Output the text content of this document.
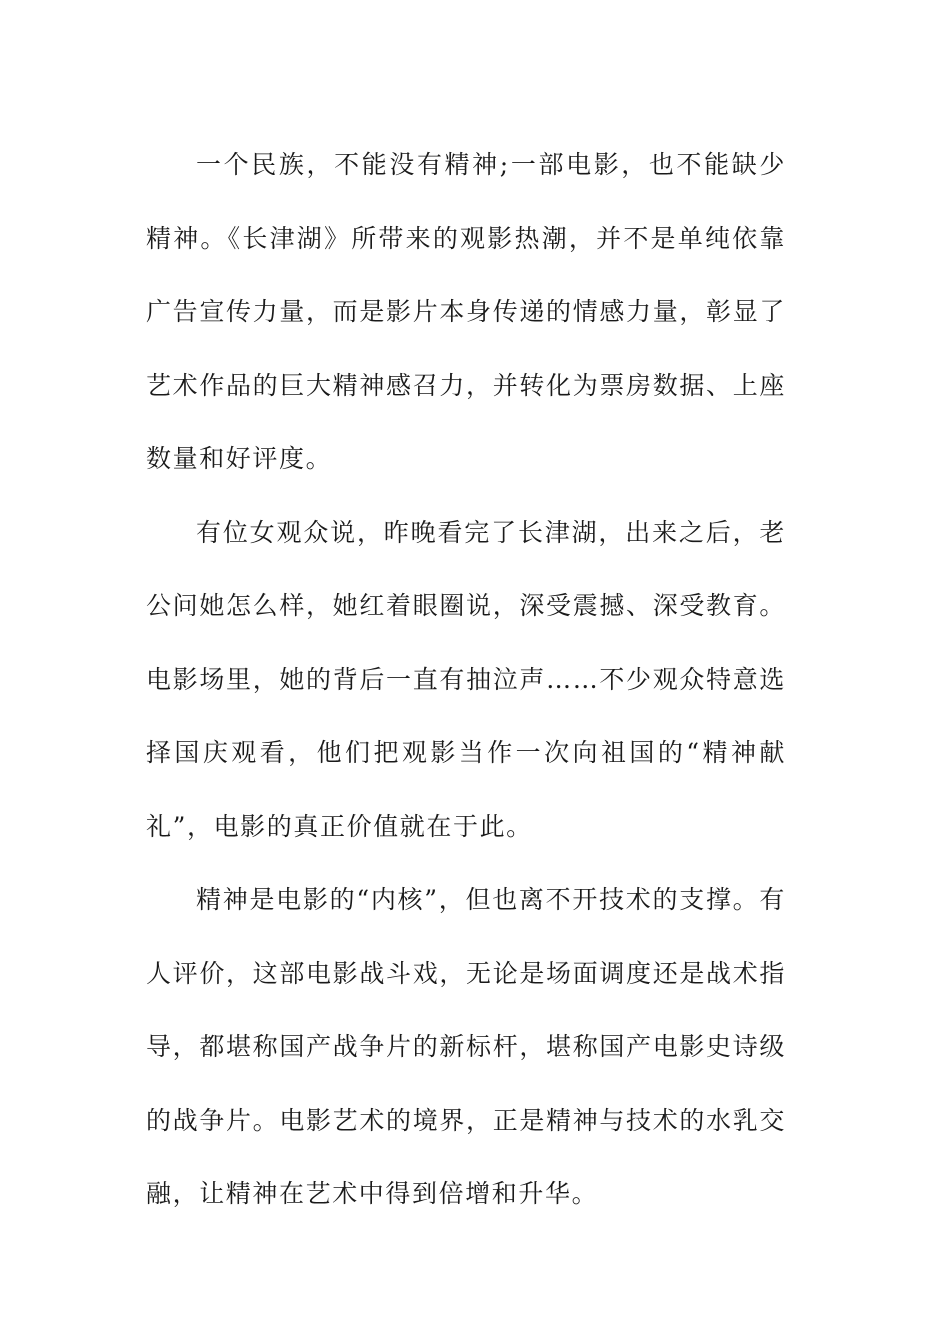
一个民族，不能没有精神;一部电影，也不能缺少精神。《长津湖》所带来的观影热潮，并不是单纯依靠广告宣传力量，而是影片本身传递的情感力量，彰显了艺术作品的巨大精神感召力，并转化为票房数据、上座数量和好评度。

有位女观众说，昨晚看完了长津湖，出来之后，老公问她怎么样，她红着眼圈说，深受震撼、深受教育。电影场里，她的背后一直有抽泣声……不少观众特意选择国庆观看，他们把观影当作一次向祖国的“精神献礼”，电影的真正价值就在于此。

精神是电影的“内核”，但也离不开技术的支撑。有人评价，这部电影战斗戏，无论是场面调度还是战术指导，都堪称国产战争片的新标杆，堪称国产电影史诗级的战争片。电影艺术的境界，正是精神与技术的水乳交融，让精神在艺术中得到倍增和升华。
